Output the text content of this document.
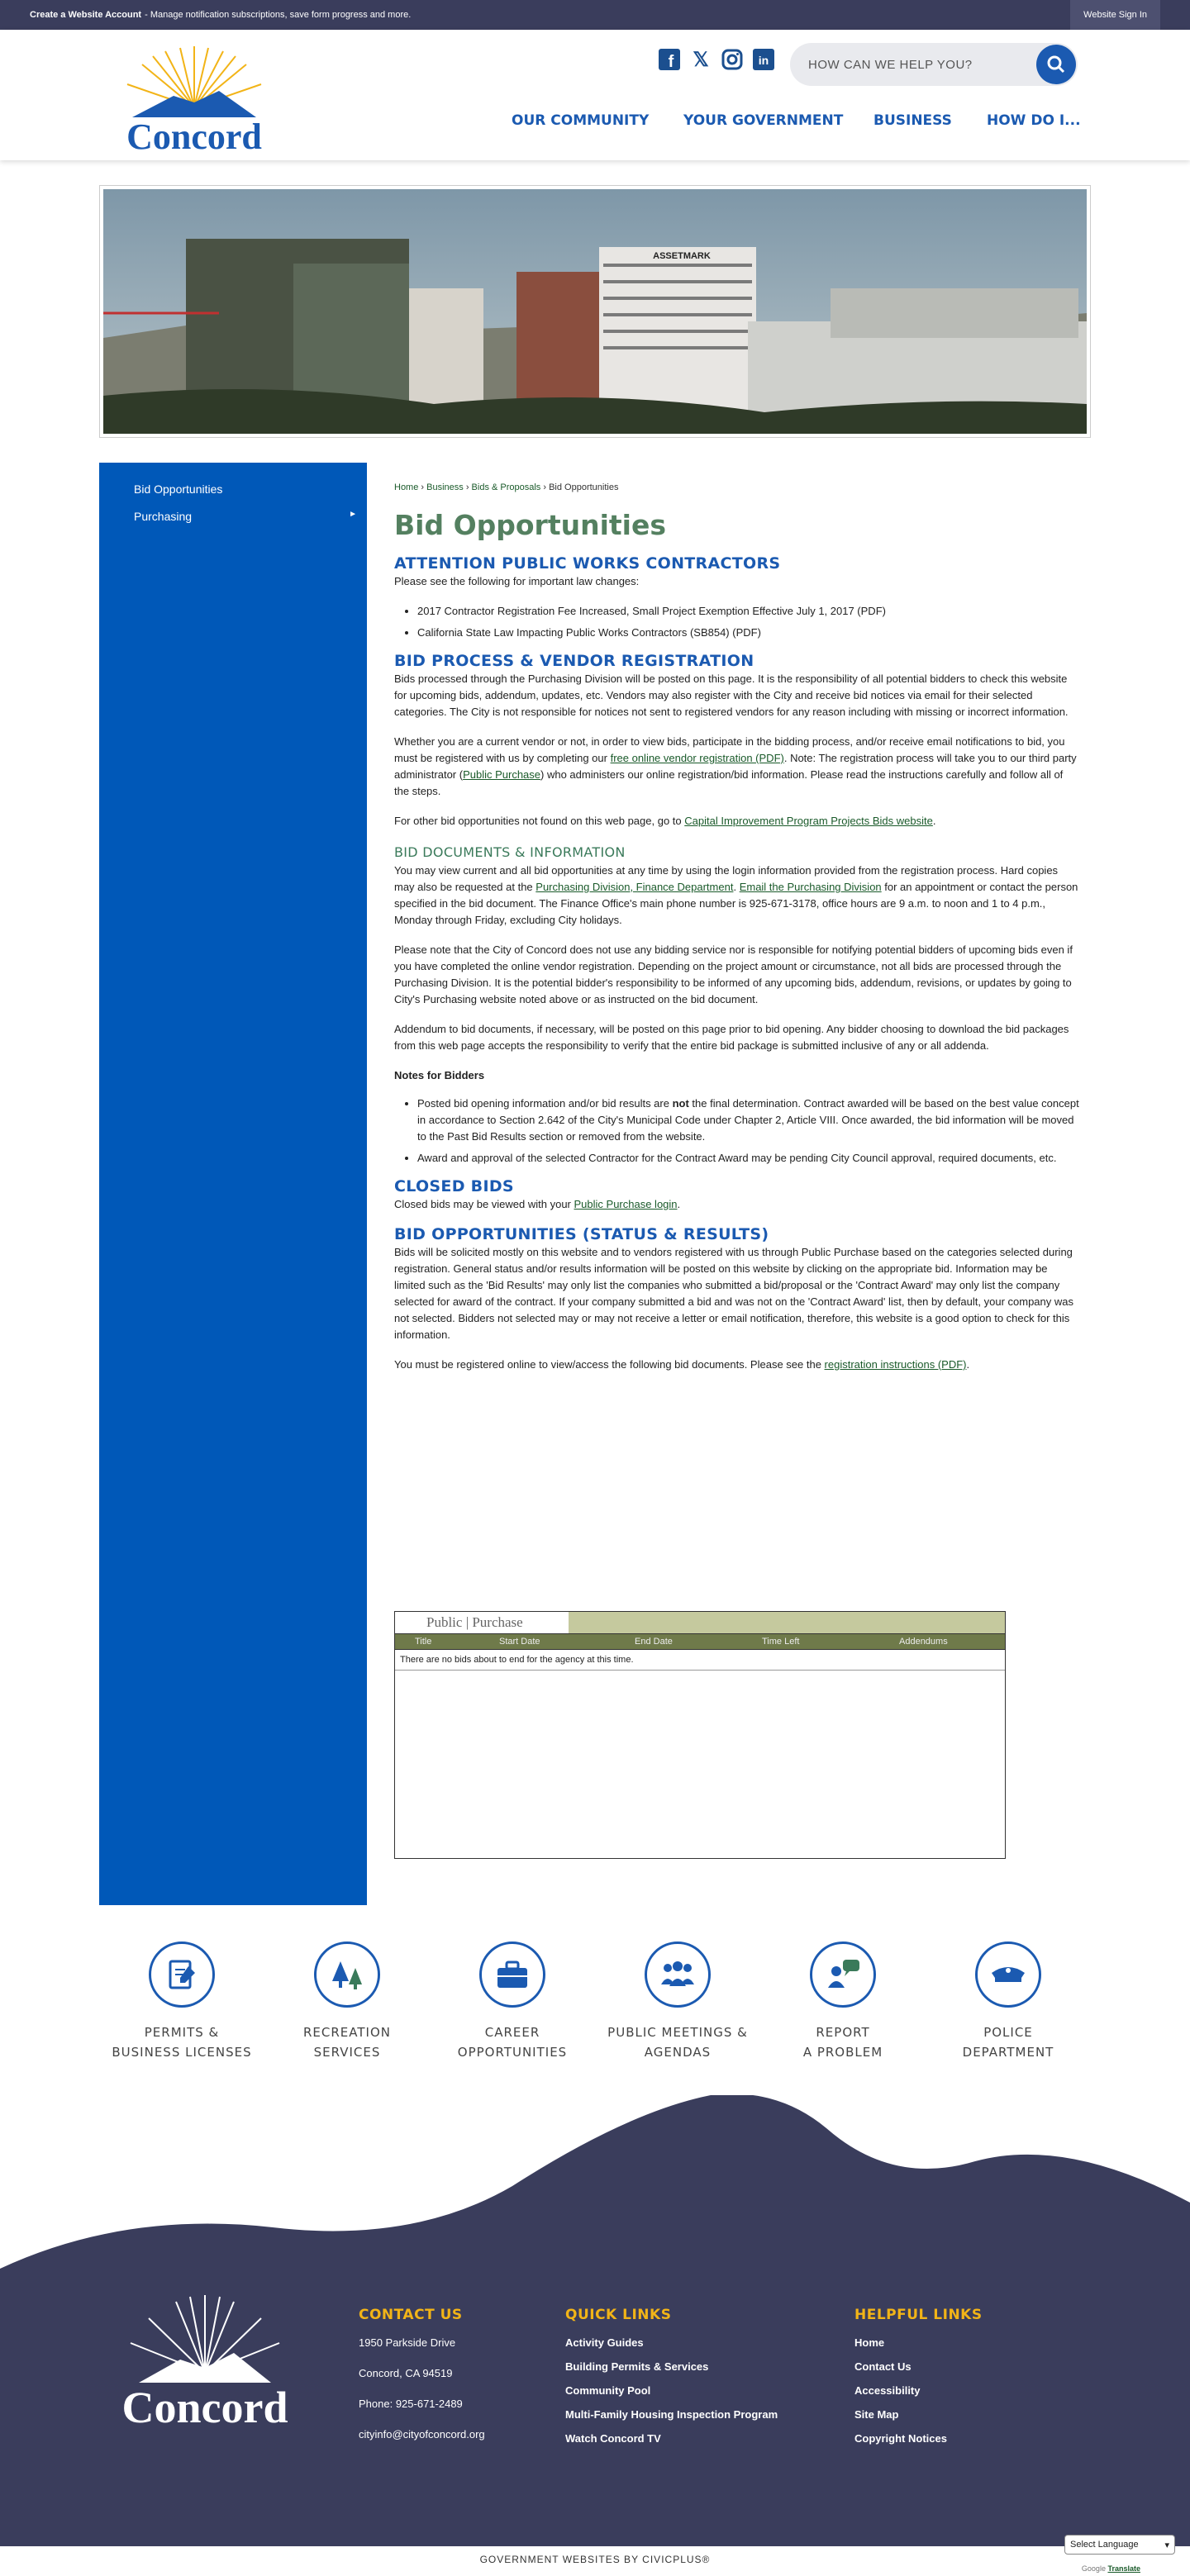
Create a Website Account - Manage notification subscriptions, save form progress and more.	Website Sign In
Concord
f 𝕏	in	HOW CAN WE HELP YOU?
OUR COMMUNITY YOUR GOVERNMENT BUSINESS HOW DO I...
ASSETMARK
Bid Opportunities
Purchasing	►
Home › Business › Bids & Proposals › Bid Opportunities
Bid Opportunities
ATTENTION PUBLIC WORKS CONTRACTORS

Please see the following for important law changes:

• 2017 Contractor Registration Fee Increased, Small Project Exemption Effective July 1, 2017 (PDF)
• California State Law Impacting Public Works Contractors (SB854) (PDF)
BID PROCESS & VENDOR REGISTRATION

Bids processed through the Purchasing Division will be posted on this page. It is the responsibility of all potential bidders to check this website for upcoming bids, addendum, updates, etc. Vendors may also register with the City and receive bid notices via email for their selected categories. The City is not responsible for notices not sent to registered vendors for any reason including with missing or incorrect information.

Whether you are a current vendor or not, in order to view bids, participate in the bidding process, and/or receive email notifications to bid, you must be registered with us by completing our free online vendor registration (PDF). Note: The registration process will take you to our third party administrator (Public Purchase) who administers our online registration/bid information. Please read the instructions carefully and follow all of the steps.

For other bid opportunities not found on this web page, go to Capital Improvement Program Projects Bids website.

BID DOCUMENTS & INFORMATION

You may view current and all bid opportunities at any time by using the login information provided from the registration process. Hard copies may also be requested at the Purchasing Division, Finance Department. Email the Purchasing Division for an appointment or contact the person specified in the bid document. The Finance Office's main phone number is 925-671-3178, office hours are 9 a.m. to noon and 1 to 4 p.m., Monday through Friday, excluding City holidays.

Please note that the City of Concord does not use any bidding service nor is responsible for notifying potential bidders of upcoming bids even if you have completed the online vendor registration. Depending on the project amount or circumstance, not all bids are processed through the Purchasing Division. It is the potential bidder's responsibility to be informed of any upcoming bids, addendum, revisions, or updates by going to City's Purchasing website noted above or as instructed on the bid document.

Addendum to bid documents, if necessary, will be posted on this page prior to bid opening. Any bidder choosing to download the bid packages from this web page accepts the responsibility to verify that the entire bid package is submitted inclusive of any or all addenda.

Notes for Bidders
• Posted bid opening information and/or bid results are not the final determination. Contract awarded will be based on the best value concept in accordance to Section 2.642 of the City's Municipal Code under Chapter 2, Article VIII. Once awarded, the bid information will be moved to the Past Bid Results section or removed from the website.
• Award and approval of the selected Contractor for the Contract Award may be pending City Council approval, required documents, etc.
CLOSED BIDS

Closed bids may be viewed with your Public Purchase login.

BID OPPORTUNITIES (STATUS & RESULTS)

Bids will be solicited mostly on this website and to vendors registered with us through Public Purchase based on the categories selected during registration. General status and/or results information will be posted on this website by clicking on the appropriate bid. Information may be limited such as the 'Bid Results' may only list the companies who submitted a bid/proposal or the 'Contract Award' may only list the company selected for award of the contract. If your company submitted a bid and was not on the 'Contract Award' list, then by default, your company was not selected. Bidders not selected may or may not receive a letter or email notification, therefore, this website is a good option to check for this information.

You must be registered online to view/access the following bid documents. Please see the registration instructions (PDF).

Public | Purchase
Title	Start Date	End Date	Time Left	Addendums
There are no bids about to end for the agency at this time.
PERMITS &
BUSINESS LICENSES
RECREATION
SERVICES
CAREER
OPPORTUNITIES
PUBLIC MEETINGS &
AGENDAS
REPORT
A PROBLEM
POLICE
DEPARTMENT
Concord
CONTACT US
1950 Parkside Drive
Concord, CA 94519
Phone: 925-671-2489
cityinfo@cityofconcord.org
QUICK LINKS
Activity Guides
Building Permits & Services
Community Pool
Multi-Family Housing Inspection Program
Watch Concord TV
HELPFUL LINKS
Home
Contact Us
Accessibility
Site Map
Copyright Notices
GOVERNMENT WEBSITES BY CIVICPLUS®
Select Language	▾
Google Translate
